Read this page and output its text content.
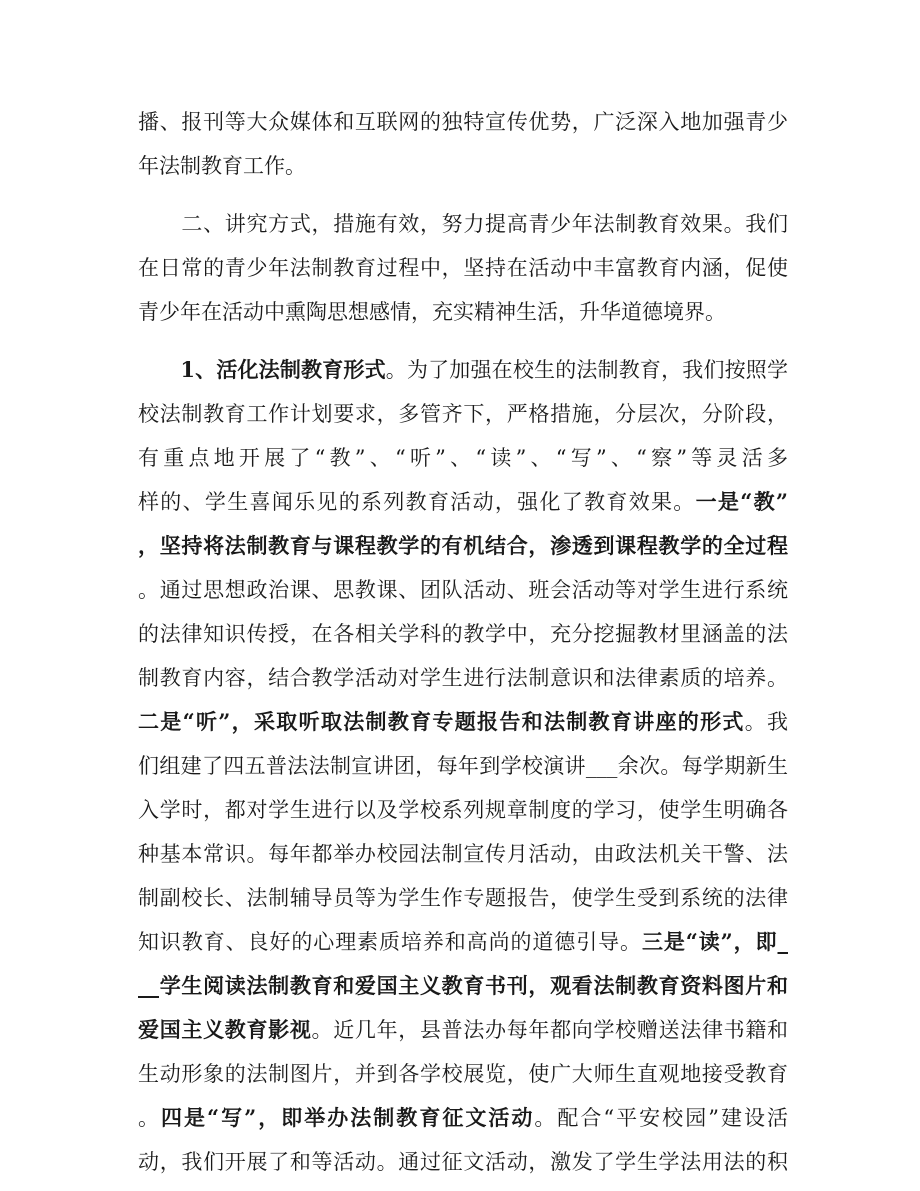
播、报刊等大众媒体和互联网的独特宣传优势，广泛深入地加强青少
年法制教育工作。
　　二、讲究方式，措施有效，努力提高青少年法制教育效果。我们
在日常的青少年法制教育过程中，坚持在活动中丰富教育内涵，促使
青少年在活动中熏陶思想感情，充实精神生活，升华道德境界。
　　1、活化法制教育形式。为了加强在校生的法制教育，我们按照学
校法制教育工作计划要求，多管齐下，严格措施，分层次，分阶段，
有重点地开展了“教”、“听”、“读”、“写”、“察”等灵活多
样的、学生喜闻乐见的系列教育活动，强化了教育效果。一是“教”
，坚持将法制教育与课程教学的有机结合，渗透到课程教学的全过程
。通过思想政治课、思教课、团队活动、班会活动等对学生进行系统
的法律知识传授，在各相关学科的教学中，充分挖掘教材里涵盖的法
制教育内容，结合教学活动对学生进行法制意识和法律素质的培养。
二是“听”，采取听取法制教育专题报告和法制教育讲座的形式。我
们组建了四五普法法制宣讲团，每年到学校演讲___余次。每学期新生
入学时，都对学生进行以及学校系列规章制度的学习，使学生明确各
种基本常识。每年都举办校园法制宣传月活动，由政法机关干警、法
制副校长、法制辅导员等为学生作专题报告，使学生受到系统的法律
知识教育、良好的心理素质培养和高尚的道德引导。三是“读”，即_
__学生阅读法制教育和爱国主义教育书刊，观看法制教育资料图片和
爱国主义教育影视。近几年，县普法办每年都向学校赠送法律书籍和
生动形象的法制图片，并到各学校展览，使广大师生直观地接受教育
。四是“写”，即举办法制教育征文活动。配合“平安校园”建设活
动，我们开展了和等活动。通过征文活动，激发了学生学法用法的积
